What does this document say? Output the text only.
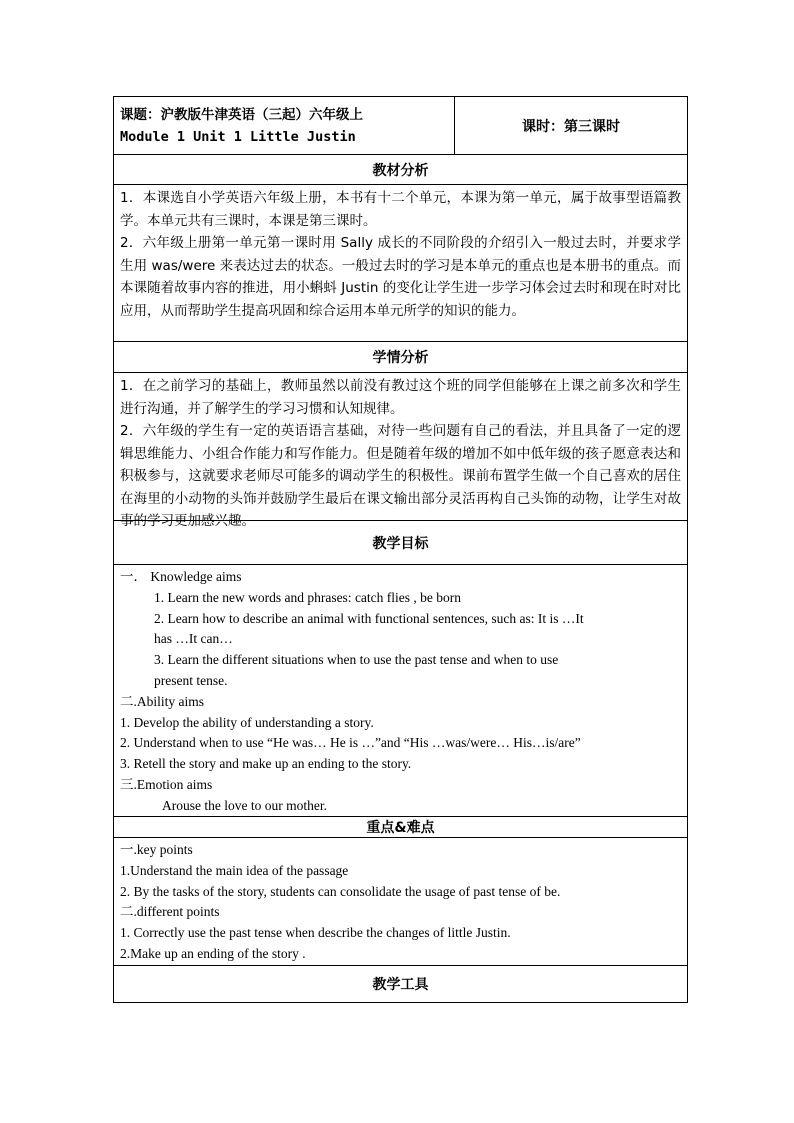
课题：沪教版牛津英语（三起）六年级上
Module 1 Unit 1 Little Justin
课时：第三课时
教材分析

1．本课选自小学英语六年级上册，本书有十二个单元，本课为第一单元，属于故事型语篇教学。本单元共有三课时，本课是第三课时。

2．六年级上册第一单元第一课时用 Sally 成长的不同阶段的介绍引入一般过去时，并要求学生用 was/were 来表达过去的状态。一般过去时的学习是本单元的重点也是本册书的重点。而本课随着故事内容的推进，用小蝌蚪 Justin 的变化让学生进一步学习体会过去时和现在时对比应用，从而帮助学生提高巩固和综合运用本单元所学的知识的能力。

学情分析

1．在之前学习的基础上，教师虽然以前没有教过这个班的同学但能够在上课之前多次和学生进行沟通，并了解学生的学习习惯和认知规律。

2．六年级的学生有一定的英语语言基础，对待一些问题有自己的看法，并且具备了一定的逻辑思维能力、小组合作能力和写作能力。但是随着年级的增加不如中低年级的孩子愿意表达和积极参与，这就要求老师尽可能多的调动学生的积极性。课前布置学生做一个自己喜欢的居住在海里的小动物的头饰并鼓励学生最后在课文输出部分灵活再构自己头饰的动物，让学生对故事的学习更加感兴趣。

教学目标

一． Knowledge aims

1. Learn the new words and phrases: catch flies , be born

2. Learn how to describe an animal with functional sentences, such as: It is …It

has …It can…

3. Learn the different situations when to use the past tense and when to use

present tense.

二.Ability aims

1. Develop the ability of understanding a story.

2. Understand when to use “He was… He is …”and “His …was/were… His…is/are”

3. Retell the story and make up an ending to the story.

三.Emotion aims

Arouse the love to our mother.

重点&难点

一.key points

1.Understand the main idea of the passage

2. By the tasks of the story, students can consolidate the usage of past tense of be.

二.different points

1. Correctly use the past tense when describe the changes of little Justin.

2.Make up an ending of the story .

教学工具
